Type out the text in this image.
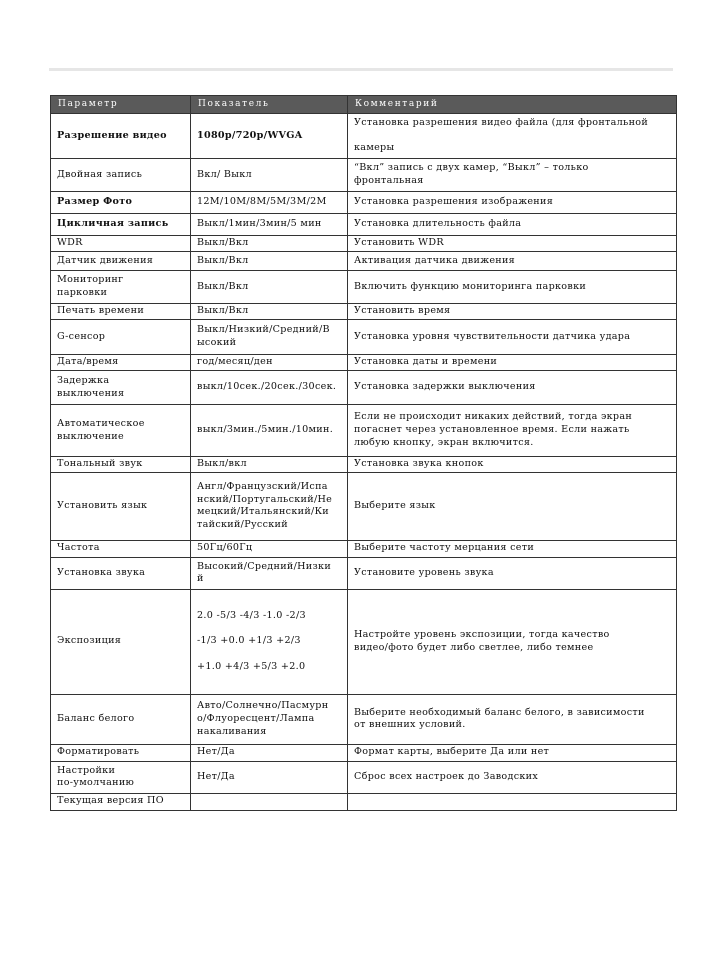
Параметр	Показатель	Комментарий
Разрешение видео	1080p/720p/WVGA	Установка разрешения видео файла (для фронтальной

камеры
Двойная запись	Вкл/ Выкл	“Вкл” запись с двух камер, “Выкл” – только
фронтальная
Размер Фото	12M/10M/8M/5M/3M/2M	Установка разрешения изображения
Цикличная запись	Выкл/1мин/3мин/5 мин	Установка длительность файла
WDR	Выкл/Вкл	Установить WDR
Датчик движения	Выкл/Вкл	Активация датчика движения
Мониторинг
парковки	Выкл/Вкл	Включить функцию мониторинга парковки
Печать времени	Выкл/Вкл	Установить время
G-сенсор	Выкл/Низкий/Средний/В
ысокий	Установка уровня чувствительности датчика удара
Дата/время	год/месяц/ден	Установка даты и времени
Задержка
выключения	выкл/10сек./20сек./30сек.	Установка задержки выключения
Автоматическое
выключение	выкл/3мин./5мин./10мин.	Если не происходит никаких действий, тогда экран
погаснет через установленное время. Если нажать
любую кнопку, экран включится.
Тональный звук	Выкл/вкл	Установка звука кнопок
Установить язык	Англ/Французский/Испа
нский/Португальский/Не
мецкий/Итальянский/Ки
тайский/Русский	Выберите язык
Частота	50Гц/60Гц	Выберите частоту мерцания сети
Установка звука	Высокий/Средний/Низки
й	Установите уровень звука
Экспозиция	2.0 -5/3 -4/3 -1.0 -2/3

-1/3 +0.0 +1/3 +2/3

+1.0 +4/3 +5/3 +2.0	Настройте уровень экспозиции, тогда качество
видео/фото будет либо светлее, либо темнее
Баланс белого	Авто/Солнечно/Пасмурн
о/Флуоресцент/Лампа
накаливания	Выберите необходимый баланс белого, в зависимости
от внешних условий.
Форматировать	Нет/Да	Формат карты, выберите Да или нет
Настройки
по-умолчанию	Нет/Да	Сброс всех настроек до Заводских
Текущая версия ПО		
